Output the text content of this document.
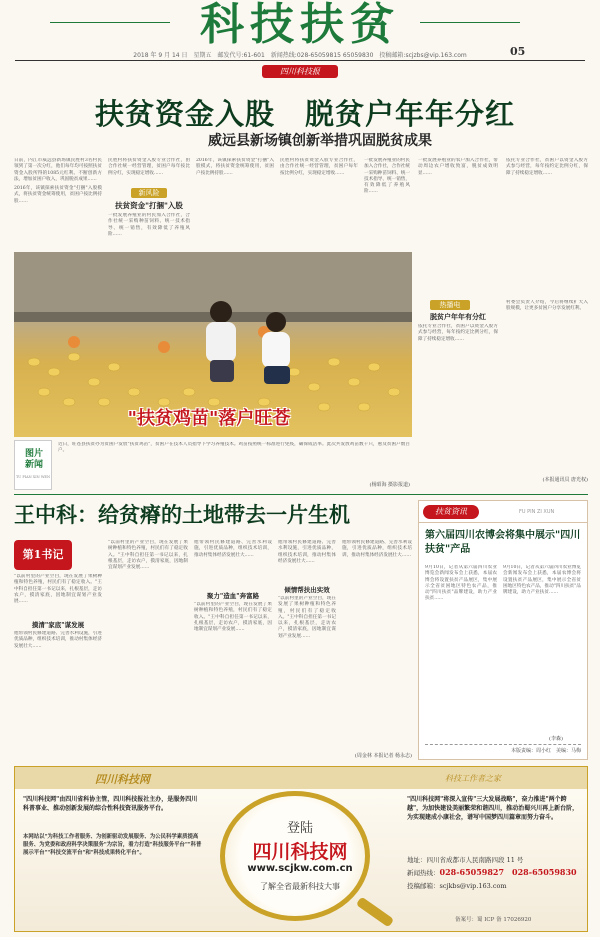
科技扶贫
2018 年 9 月 14 日　星期五　邮发代号:61-601　新闻热线:028-65059815 65059830　投稿邮箱:scjzbs@vip.163.com	05
四川科技报
扶贫资金入股　脱贫户年年分红
威远县新场镇创新举措巩固脱贫成果

日前，内江市威远县新场镇民胜村3名村民领到了第一次分红，他们每年均可按照扶贫资金入股所得的1085元红利。不断创新方法，增加贫困户收入，巩固脱贫成果……

2016年，该镇探索扶贫资金"打捆"入股模式，将扶贫资金统筹使用，贫困户按比例持股……

民胜村将扶贫资金入股专业合作社，由合作社统一经营管理，贫困户每年按比例分红，实现稳定增收……
新风险
扶贫资金"打捆"入股
一批发展养殖业的村民加入合作社，合作社统一采购种苗饲料、统一技术指导、统一销售，有效降低了养殖风险……
2016年，该镇探索扶贫资金"打捆"入股模式，将扶贫资金统筹使用，贫困户按比例持股……
民胜村将扶贫资金入股专业合作社，由合作社统一经营管理，贫困户每年按比例分红，实现稳定增收……
一批发展养殖业的村民加入合作社，合作社统一采购种苗饲料、统一技术指导、统一销售，有效降低了养殖风险……
"扶贫鸡苗"落户旺苍
一批发展养殖业的农户加入合作社，带动周边农户增收致富，脱贫成效明显……
依托专业合作社，贫困户以资金入股方式参与经营，每年按约定比例分红，保障了持续稳定增收……
热播电
脱贫户年年有分红
依托专业合作社，贫困户以资金入股方式参与经营，每年按约定比例分红，保障了持续稳定增收……
村委会负责人介绍，今后将继续扩大入股规模，让更多贫困户分享发展红利。
(本报通讯员 唐光权)
图片新闻
TU PIAN XIN WEN
近日，旺苍县扶贫办为贫困户发放"扶贫鸡苗"，贫困户在技术人员指导下学习养殖技术。鸡苗按照统一标准进行免疫，确保成活率。此次共发放鸡苗数千只，惠及贫困户数百户。
(杨昭海 摄影报道)
王中科：给贫瘠的土地带去一片生机
第1书记
"以前村里的产业空白，现在发展了果树种植和特色养殖，村民们有了稳定收入。"王中科自担任第一书记以来，扎根基层，走访农户，摸清家底，因地制宜谋划产业发展……
摸清"家底"谋发展
他带领村民修建道路、完善水利设施，引进优质品种，组织技术培训，推动村集体经济发展壮大……
"以前村里的产业空白，现在发展了果树种植和特色养殖，村民们有了稳定收入。"王中科自担任第一书记以来，扎根基层，走访农户，摸清家底，因地制宜谋划产业发展……
他带领村民修建道路、完善水利设施，引进优质品种，组织技术培训，推动村集体经济发展壮大……
聚力"造血"奔富路
"以前村里的产业空白，现在发展了果树种植和特色养殖，村民们有了稳定收入。"王中科自担任第一书记以来，扎根基层，走访农户，摸清家底，因地制宜谋划产业发展……
他带领村民修建道路、完善水利设施，引进优质品种，组织技术培训，推动村集体经济发展壮大……
倾情帮扶出实效
"以前村里的产业空白，现在发展了果树种植和特色养殖，村民们有了稳定收入。"王中科自担任第一书记以来，扎根基层，走访农户，摸清家底，因地制宜谋划产业发展……
他带领村民修建道路、完善水利设施，引进优质品种，组织技术培训，推动村集体经济发展壮大……
(周金林 本报记者 杨永志)
扶贫资讯	FU PIN ZI XUN
第六届四川农博会将集中展示"四川扶贫"产品
9月10日，记者从第六届四川农业博览会新闻发布会上获悉，本届农博会将设置扶贫产品展区，集中展示全省贫困地区特色农产品，推动"四川扶贫"品牌建设，助力产业扶贫……
9月10日，记者从第六届四川农业博览会新闻发布会上获悉，本届农博会将设置扶贫产品展区，集中展示全省贫困地区特色农产品，推动"四川扶贫"品牌建设，助力产业扶贫……
(李森)
本版责编：周小红　美编：马梅
四川科技网	科技工作者之家
"四川科技网"由四川省科协主管，四川科技报社主办，是服务四川科普事业、推动创新发展的综合性科技资讯服务平台。
本网站以"为科技工作者服务、为创新驱动发展服务、为公民科学素质提高服务、为党委和政府科学决策服务"为宗旨，着力打造"科技服务平台""科普展示平台""科技交流平台"和"科技成果转化平台"。
登陆
四川科技网
www.scjkw.com.cn
了解全省最新科技大事
"四川科技网"将深入宣传"三大发展战略"，奋力推进"两个跨越"，为加快建设美丽繁荣和谐四川，推动治蜀兴川再上新台阶，为实现建成小康社会，谱写中国梦四川篇章而努力奋斗。
地址：四川省成都市人民南路四段 11 号
新闻热线：028-65059827　028-65059830
投稿邮箱：scjkbs@vip.163.com
备案号：蜀 ICP 备 17026920
